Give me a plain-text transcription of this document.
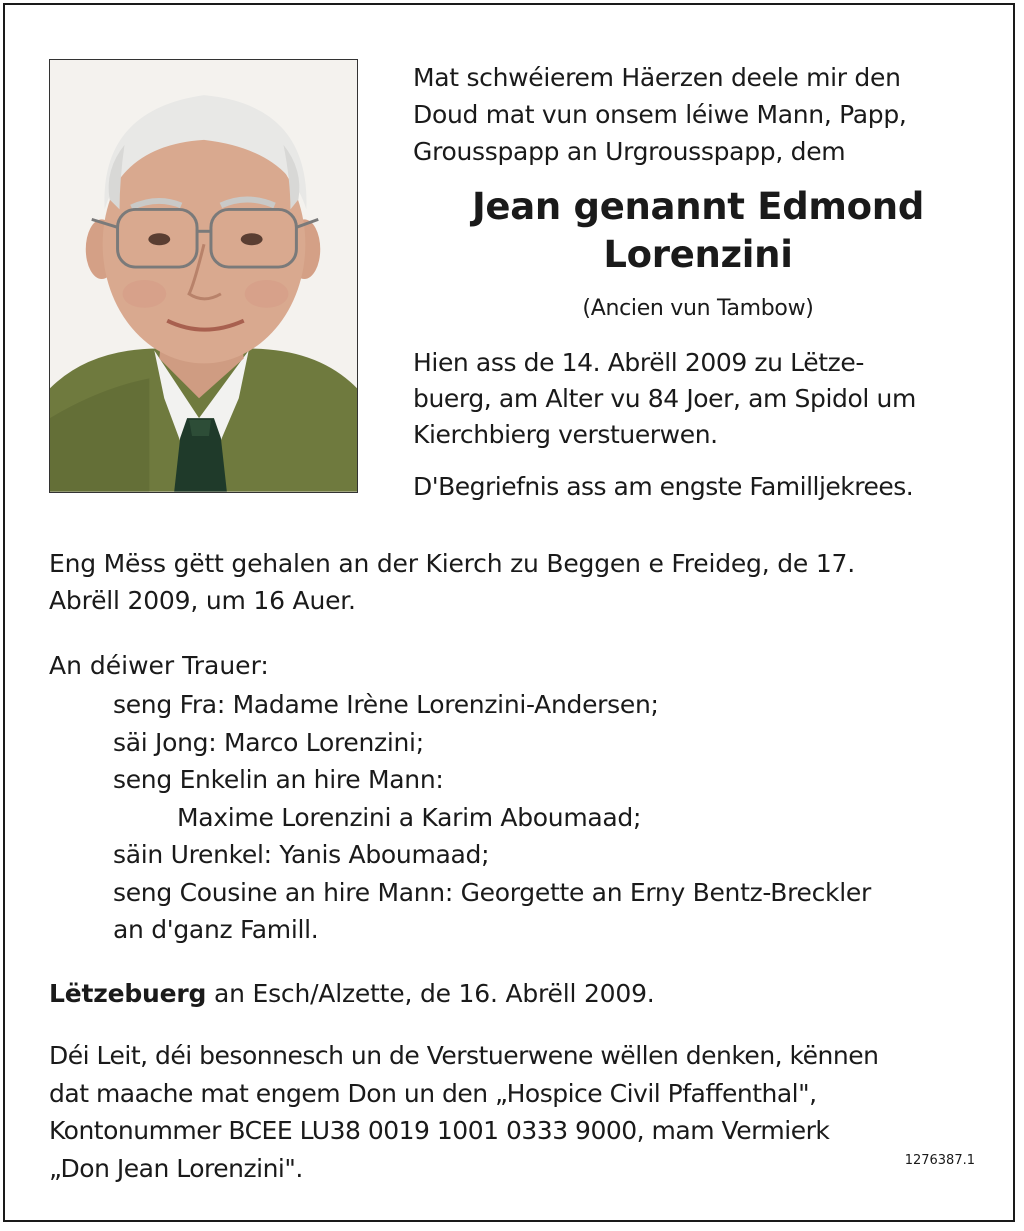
Mat schwéierem Häerzen deele mir den

Doud mat vun onsem léiwe Mann, Papp,

Grousspapp an Urgrousspapp, dem

Jean genannt Edmond
Lorenzini
(Ancien vun Tambow)

Hien ass de 14. Abrëll 2009 zu Lëtze-

buerg, am Alter vu 84 Joer, am Spidol um

Kierchbierg verstuerwen.

D'Begriefnis ass am engste Familljekrees.
Eng Mëss gëtt gehalen an der Kierch zu Beggen e Freideg, de 17.
Abrëll 2009, um 16 Auer.
An déiwer Trauer:
seng Fra: Madame Irène Lorenzini-Andersen;
säi Jong: Marco Lorenzini;
seng Enkelin an hire Mann:
Maxime Lorenzini a Karim Aboumaad;
säin Urenkel: Yanis Aboumaad;
seng Cousine an hire Mann: Georgette an Erny Bentz-Breckler
an d'ganz Famill.
Lëtzebuerg an Esch/Alzette, de 16. Abrëll 2009.

Déi Leit, déi besonnesch un de Verstuerwene wëllen denken, kënnen

dat maache mat engem Don un den „Hospice Civil Pfaffenthal",

Kontonummer BCEE LU38 0019 1001 0333 9000, mam Vermierk

„Don Jean Lorenzini".	1276387.1
